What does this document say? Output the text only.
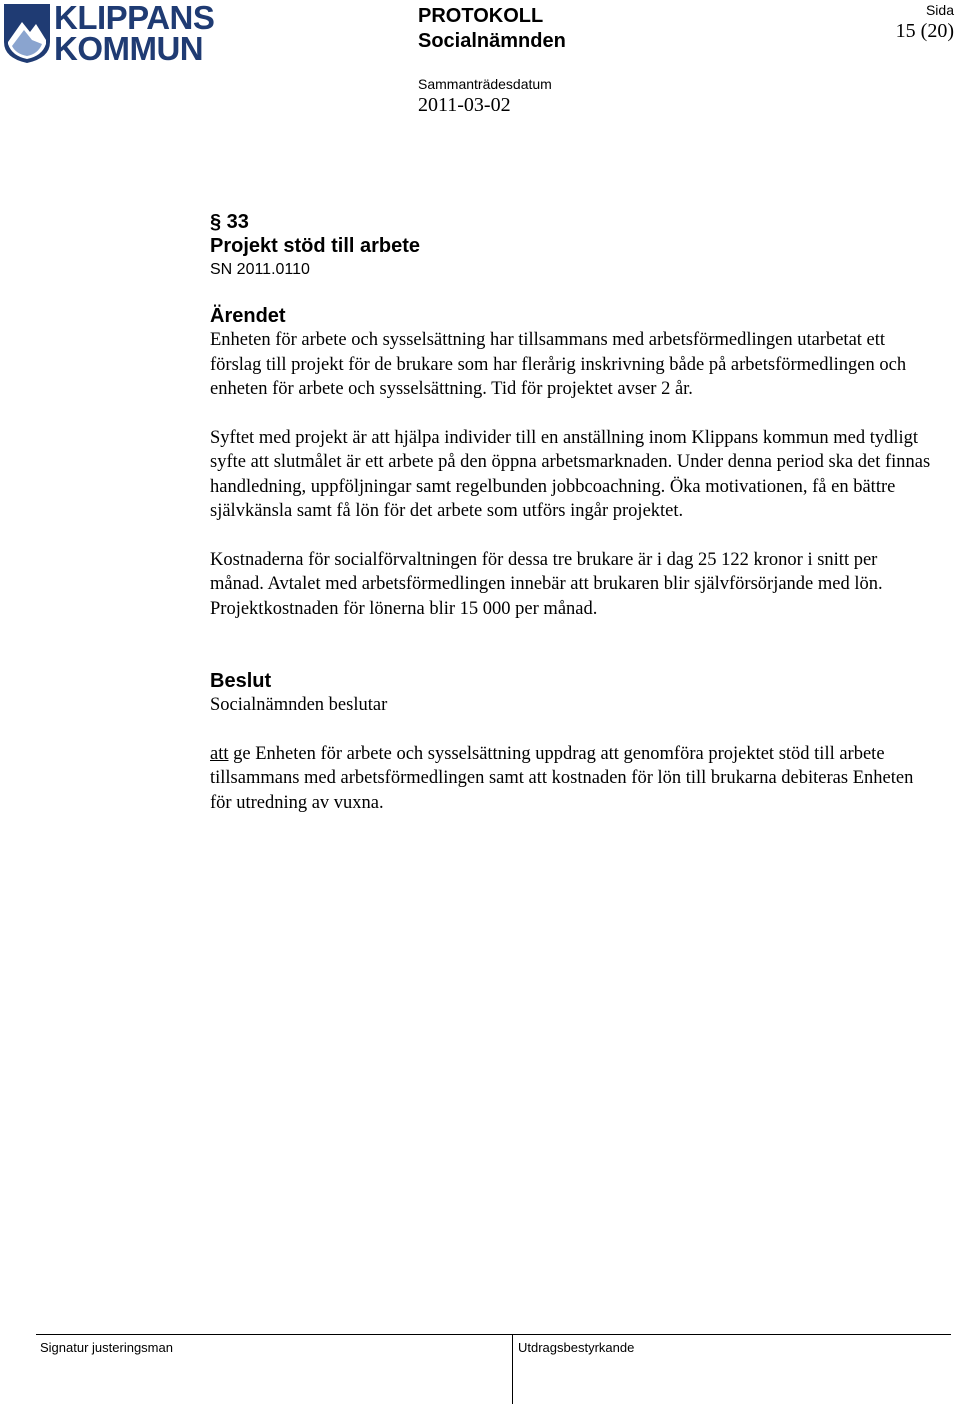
KLIPPANS
KOMMUN
PROTOKOLL
Socialnämnden
Sammanträdesdatum
2011-03-02
Sida
15 (20)
§ 33
Projekt stöd till arbete
SN 2011.0110
Ärendet

Enheten för arbete och sysselsättning har tillsammans med arbetsförmedlingen utarbetat ett förslag till projekt för de brukare som har flerårig inskrivning både på arbetsförmedlingen och enheten för arbete och sysselsättning. Tid för projektet avser 2 år.

Syftet med projekt är att hjälpa individer till en anställning inom Klippans kommun med tydligt syfte att slutmålet är ett arbete på den öppna arbetsmarknaden. Under denna period ska det finnas handledning, uppföljningar samt regelbunden jobbcoachning. Öka motivationen, få en bättre självkänsla samt få lön för det arbete som utförs ingår projektet.

Kostnaderna för socialförvaltningen för dessa tre brukare är i dag 25 122 kronor i snitt per månad. Avtalet med arbetsförmedlingen innebär att brukaren blir självförsörjande med lön. Projektkostnaden för lönerna blir 15 000 per månad.

Beslut

Socialnämnden beslutar

att ge Enheten för arbete och sysselsättning uppdrag att genomföra projektet stöd till arbete tillsammans med arbetsförmedlingen samt att kostnaden för lön till brukarna debiteras Enheten för utredning av vuxna.

Signatur justeringsman	Utdragsbestyrkande
